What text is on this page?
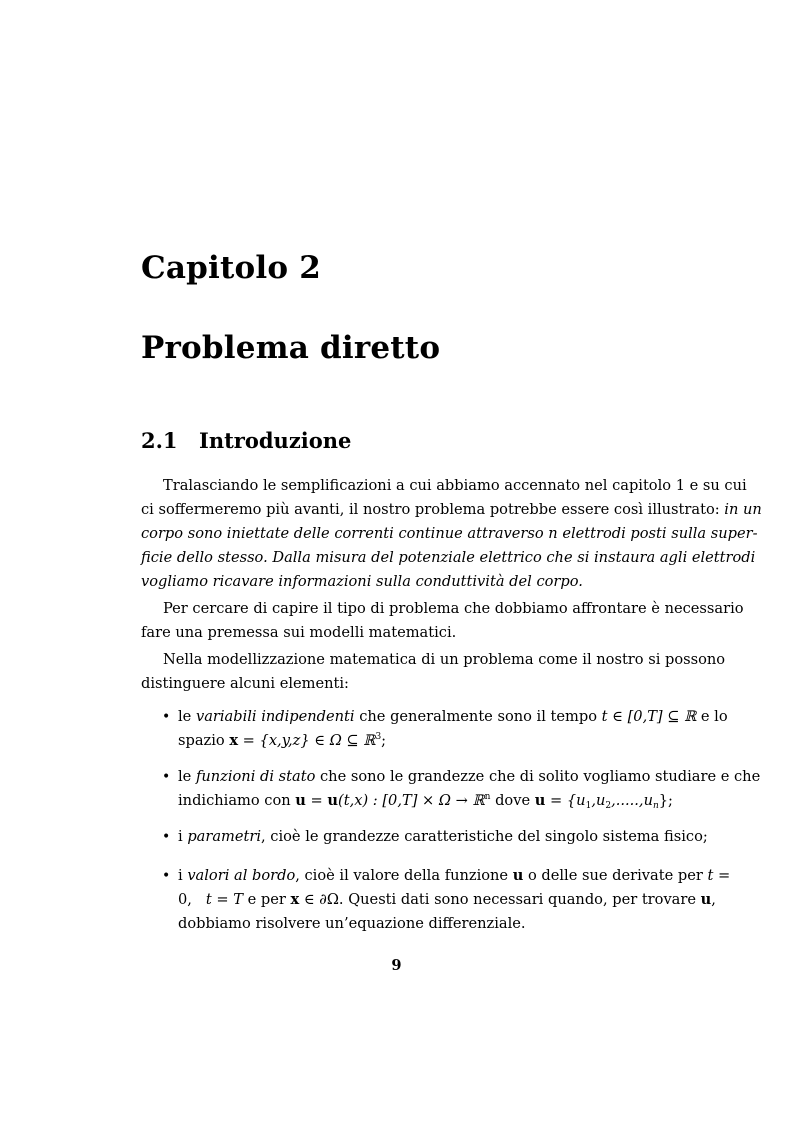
Capitolo 2
Problema diretto
2.1 Introduzione
Tralasciando le semplificazioni a cui abbiamo accennato nel capitolo 1 e su cui
ci soffermeremo più avanti, il nostro problema potrebbe essere così illustrato: in un
corpo sono iniettate delle correnti continue attraverso n elettrodi posti sulla super-
ficie dello stesso. Dalla misura del potenziale elettrico che si instaura agli elettrodi
vogliamo ricavare informazioni sulla conduttività del corpo.
Per cercare di capire il tipo di problema che dobbiamo affrontare è necessario
fare una premessa sui modelli matematici.
Nella modellizzazione matematica di un problema come il nostro si possono
distinguere alcuni elementi:
• le variabili indipendenti che generalmente sono il tempo t ∈ [0,T] ⊆ ℝ e lo
spazio x = {x,y,z} ∈ Ω ⊆ ℝ$^3$;
• le funzioni di stato che sono le grandezze che di solito vogliamo studiare e che
indichiamo con u = u(t,x) : [0,T] × Ω → ℝ$^n$ dove $u = \{u_1,u_2,.....,u_n\}$;
• i parametri, cioè le grandezze caratteristiche del singolo sistema fisico;
• i valori al bordo, cioè il valore della funzione u o delle sue derivate per t =
0, t = T e per x ∈ ∂Ω. Questi dati sono necessari quando, per trovare u,
dobbiamo risolvere un’equazione differenziale.
9
